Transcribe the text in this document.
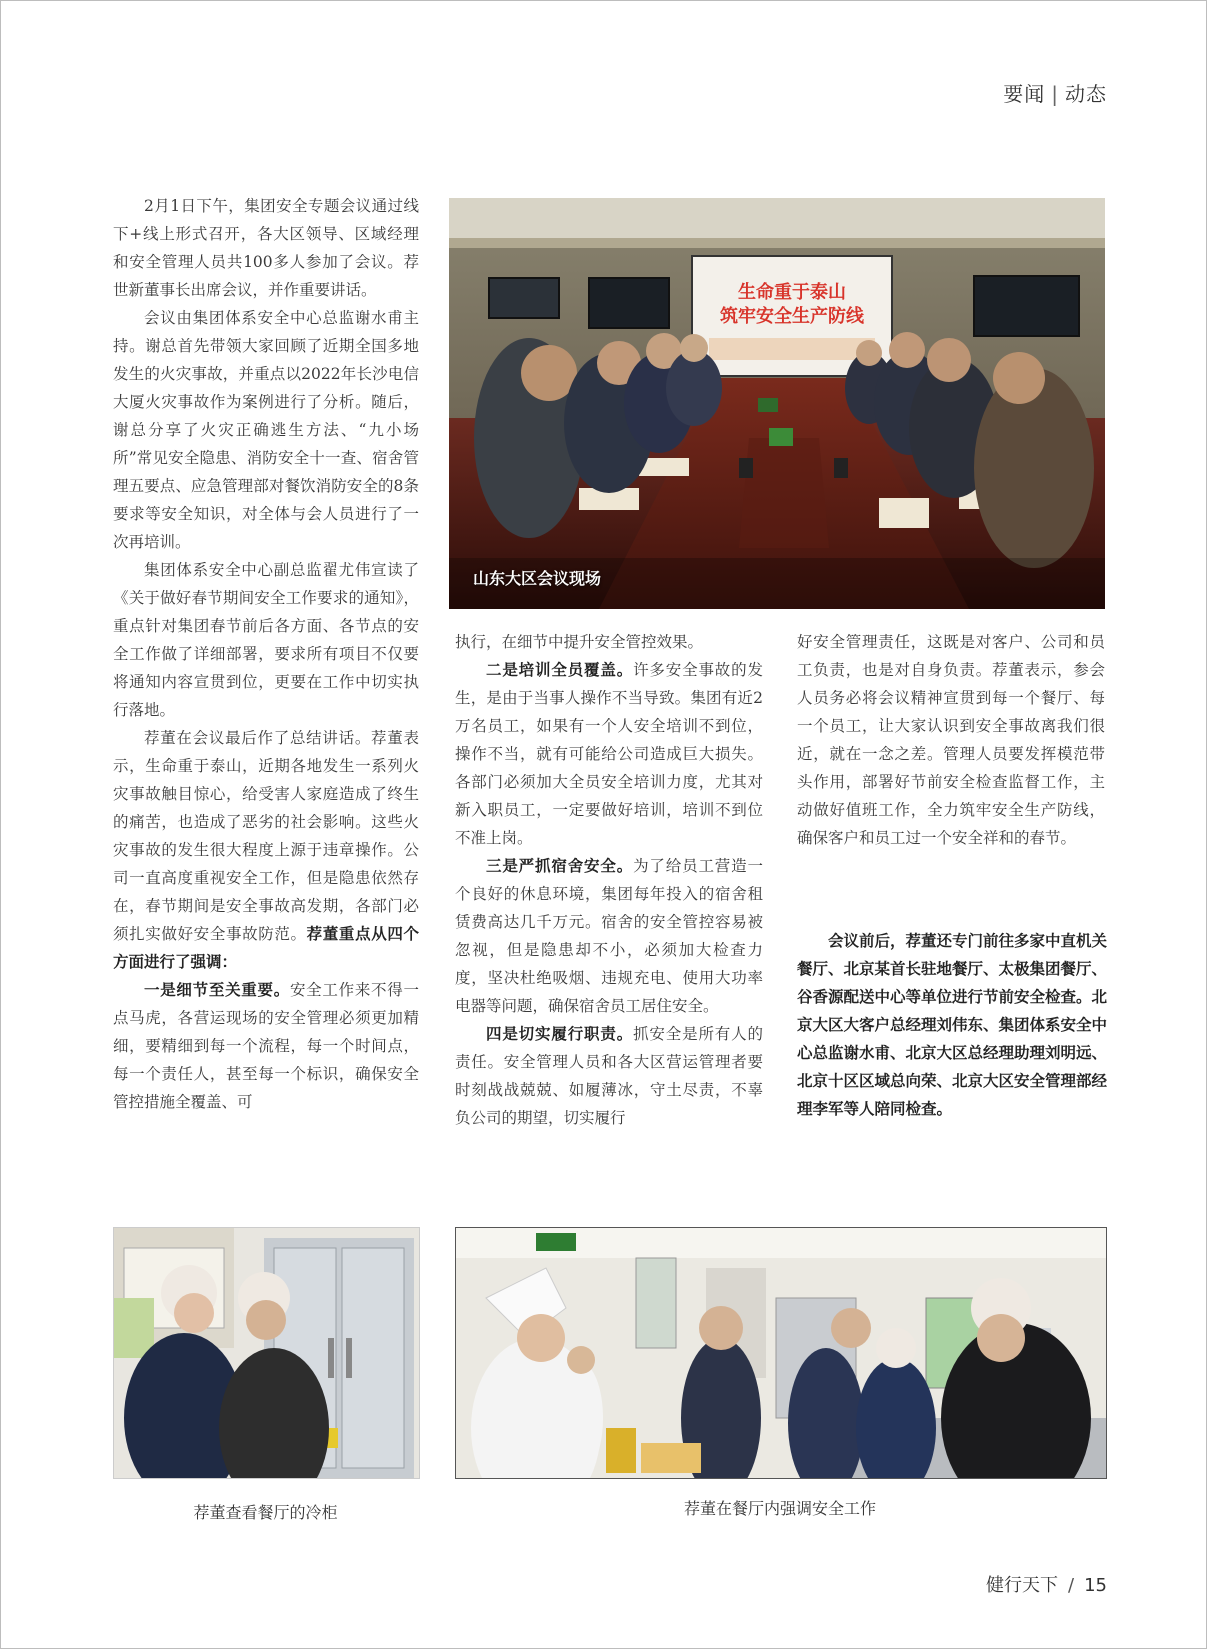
要闻 | 动态

2月1日下午，集团安全专题会议通过线下+线上形式召开，各大区领导、区域经理和安全管理人员共100多人参加了会议。荐世新董事长出席会议，并作重要讲话。

会议由集团体系安全中心总监谢水甫主持。谢总首先带领大家回顾了近期全国多地发生的火灾事故，并重点以2022年长沙电信大厦火灾事故作为案例进行了分析。随后，谢总分享了火灾正确逃生方法、“九小场所”常见安全隐患、消防安全十一查、宿舍管理五要点、应急管理部对餐饮消防安全的8条要求等安全知识，对全体与会人员进行了一次再培训。

集团体系安全中心副总监翟尤伟宣读了《关于做好春节期间安全工作要求的通知》，重点针对集团春节前后各方面、各节点的安全工作做了详细部署，要求所有项目不仅要将通知内容宣贯到位，更要在工作中切实执行落地。

荐董在会议最后作了总结讲话。荐董表示，生命重于泰山，近期各地发生一系列火灾事故触目惊心，给受害人家庭造成了终生的痛苦，也造成了恶劣的社会影响。这些火灾事故的发生很大程度上源于违章操作。公司一直高度重视安全工作，但是隐患依然存在，春节期间是安全事故高发期，各部门必须扎实做好安全事故防范。荐董重点从四个方面进行了强调：

一是细节至关重要。安全工作来不得一点马虎，各营运现场的安全管理必须更加精细，要精细到每一个流程，每一个时间点，每一个责任人，甚至每一个标识，确保安全管控措施全覆盖、可

生命重于泰山
筑牢安全生产防线
山东大区会议现场

执行，在细节中提升安全管控效果。

二是培训全员覆盖。许多安全事故的发生，是由于当事人操作不当导致。集团有近2万名员工，如果有一个人安全培训不到位，操作不当，就有可能给公司造成巨大损失。各部门必须加大全员安全培训力度，尤其对新入职员工，一定要做好培训，培训不到位不准上岗。

三是严抓宿舍安全。为了给员工营造一个良好的休息环境，集团每年投入的宿舍租赁费高达几千万元。宿舍的安全管控容易被忽视，但是隐患却不小，必须加大检查力度，坚决杜绝吸烟、违规充电、使用大功率电器等问题，确保宿舍员工居住安全。

四是切实履行职责。抓安全是所有人的责任。安全管理人员和各大区营运管理者要时刻战战兢兢、如履薄冰，守土尽责，不辜负公司的期望，切实履行

好安全管理责任，这既是对客户、公司和员工负责，也是对自身负责。荐董表示，参会人员务必将会议精神宣贯到每一个餐厅、每一个员工，让大家认识到安全事故离我们很近，就在一念之差。管理人员要发挥模范带头作用，部署好节前安全检查监督工作，主动做好值班工作，全力筑牢安全生产防线，确保客户和员工过一个安全祥和的春节。

会议前后，荐董还专门前往多家中直机关餐厅、北京某首长驻地餐厅、太极集团餐厅、谷香源配送中心等单位进行节前安全检查。北京大区大客户总经理刘伟东、集团体系安全中心总监谢水甫、北京大区总经理助理刘明远、北京十区区域总向荣、北京大区安全管理部经理李军等人陪同检查。

荐董查看餐厅的冷柜	荐董在餐厅内强调安全工作
健行天下 / 15
